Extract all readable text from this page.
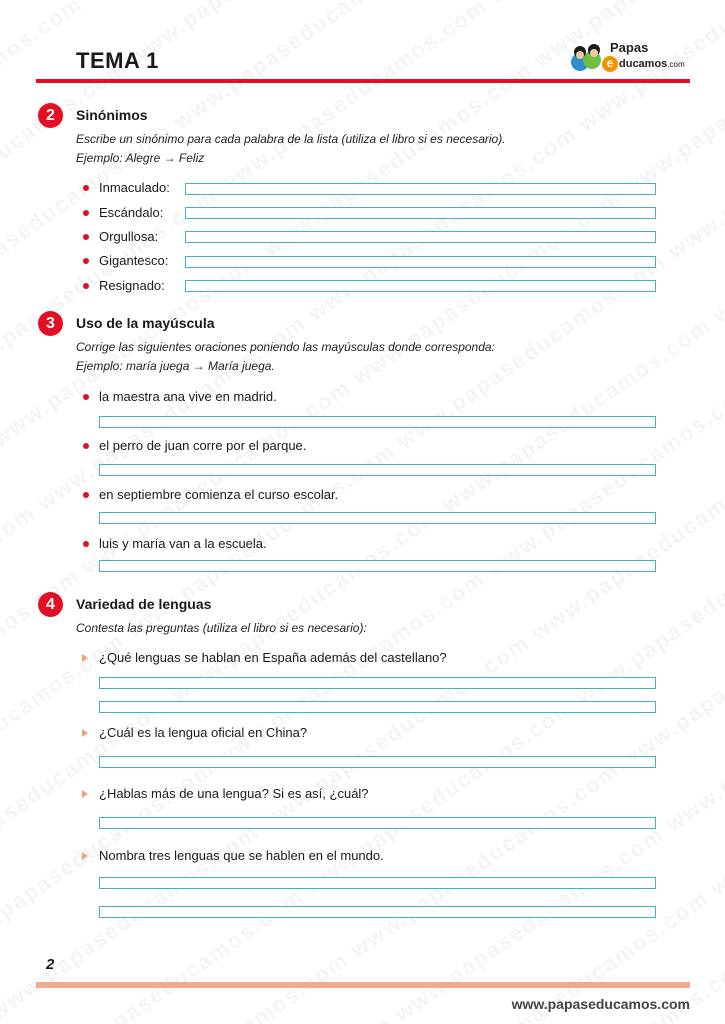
TEMA 1
Papas
e ducamos.com
2	Sinónimos
Escribe un sinónimo para cada palabra de la lista (utiliza el libro si es necesario).
Ejemplo: Alegre → Feliz
Inmaculado:
Escándalo:
Orgullosa:
Gigantesco:
Resignado:
3	Uso de la mayúscula
Corrige las siguientes oraciones poniendo las mayúsculas donde corresponda:
Ejemplo: maría juega → María juega.
la maestra ana vive en madrid.
el perro de juan corre por el parque.
en septiembre comienza el curso escolar.
luis y maría van a la escuela.
4	Variedad de lenguas
Contesta las preguntas (utiliza el libro si es necesario):
¿Qué lenguas se hablan en España además del castellano?
¿Cuál es la lengua oficial en China?
¿Hablas más de una lengua? Si es así, ¿cuál?
Nombra tres lenguas que se hablen en el mundo.
2
www.papaseducamos.com
